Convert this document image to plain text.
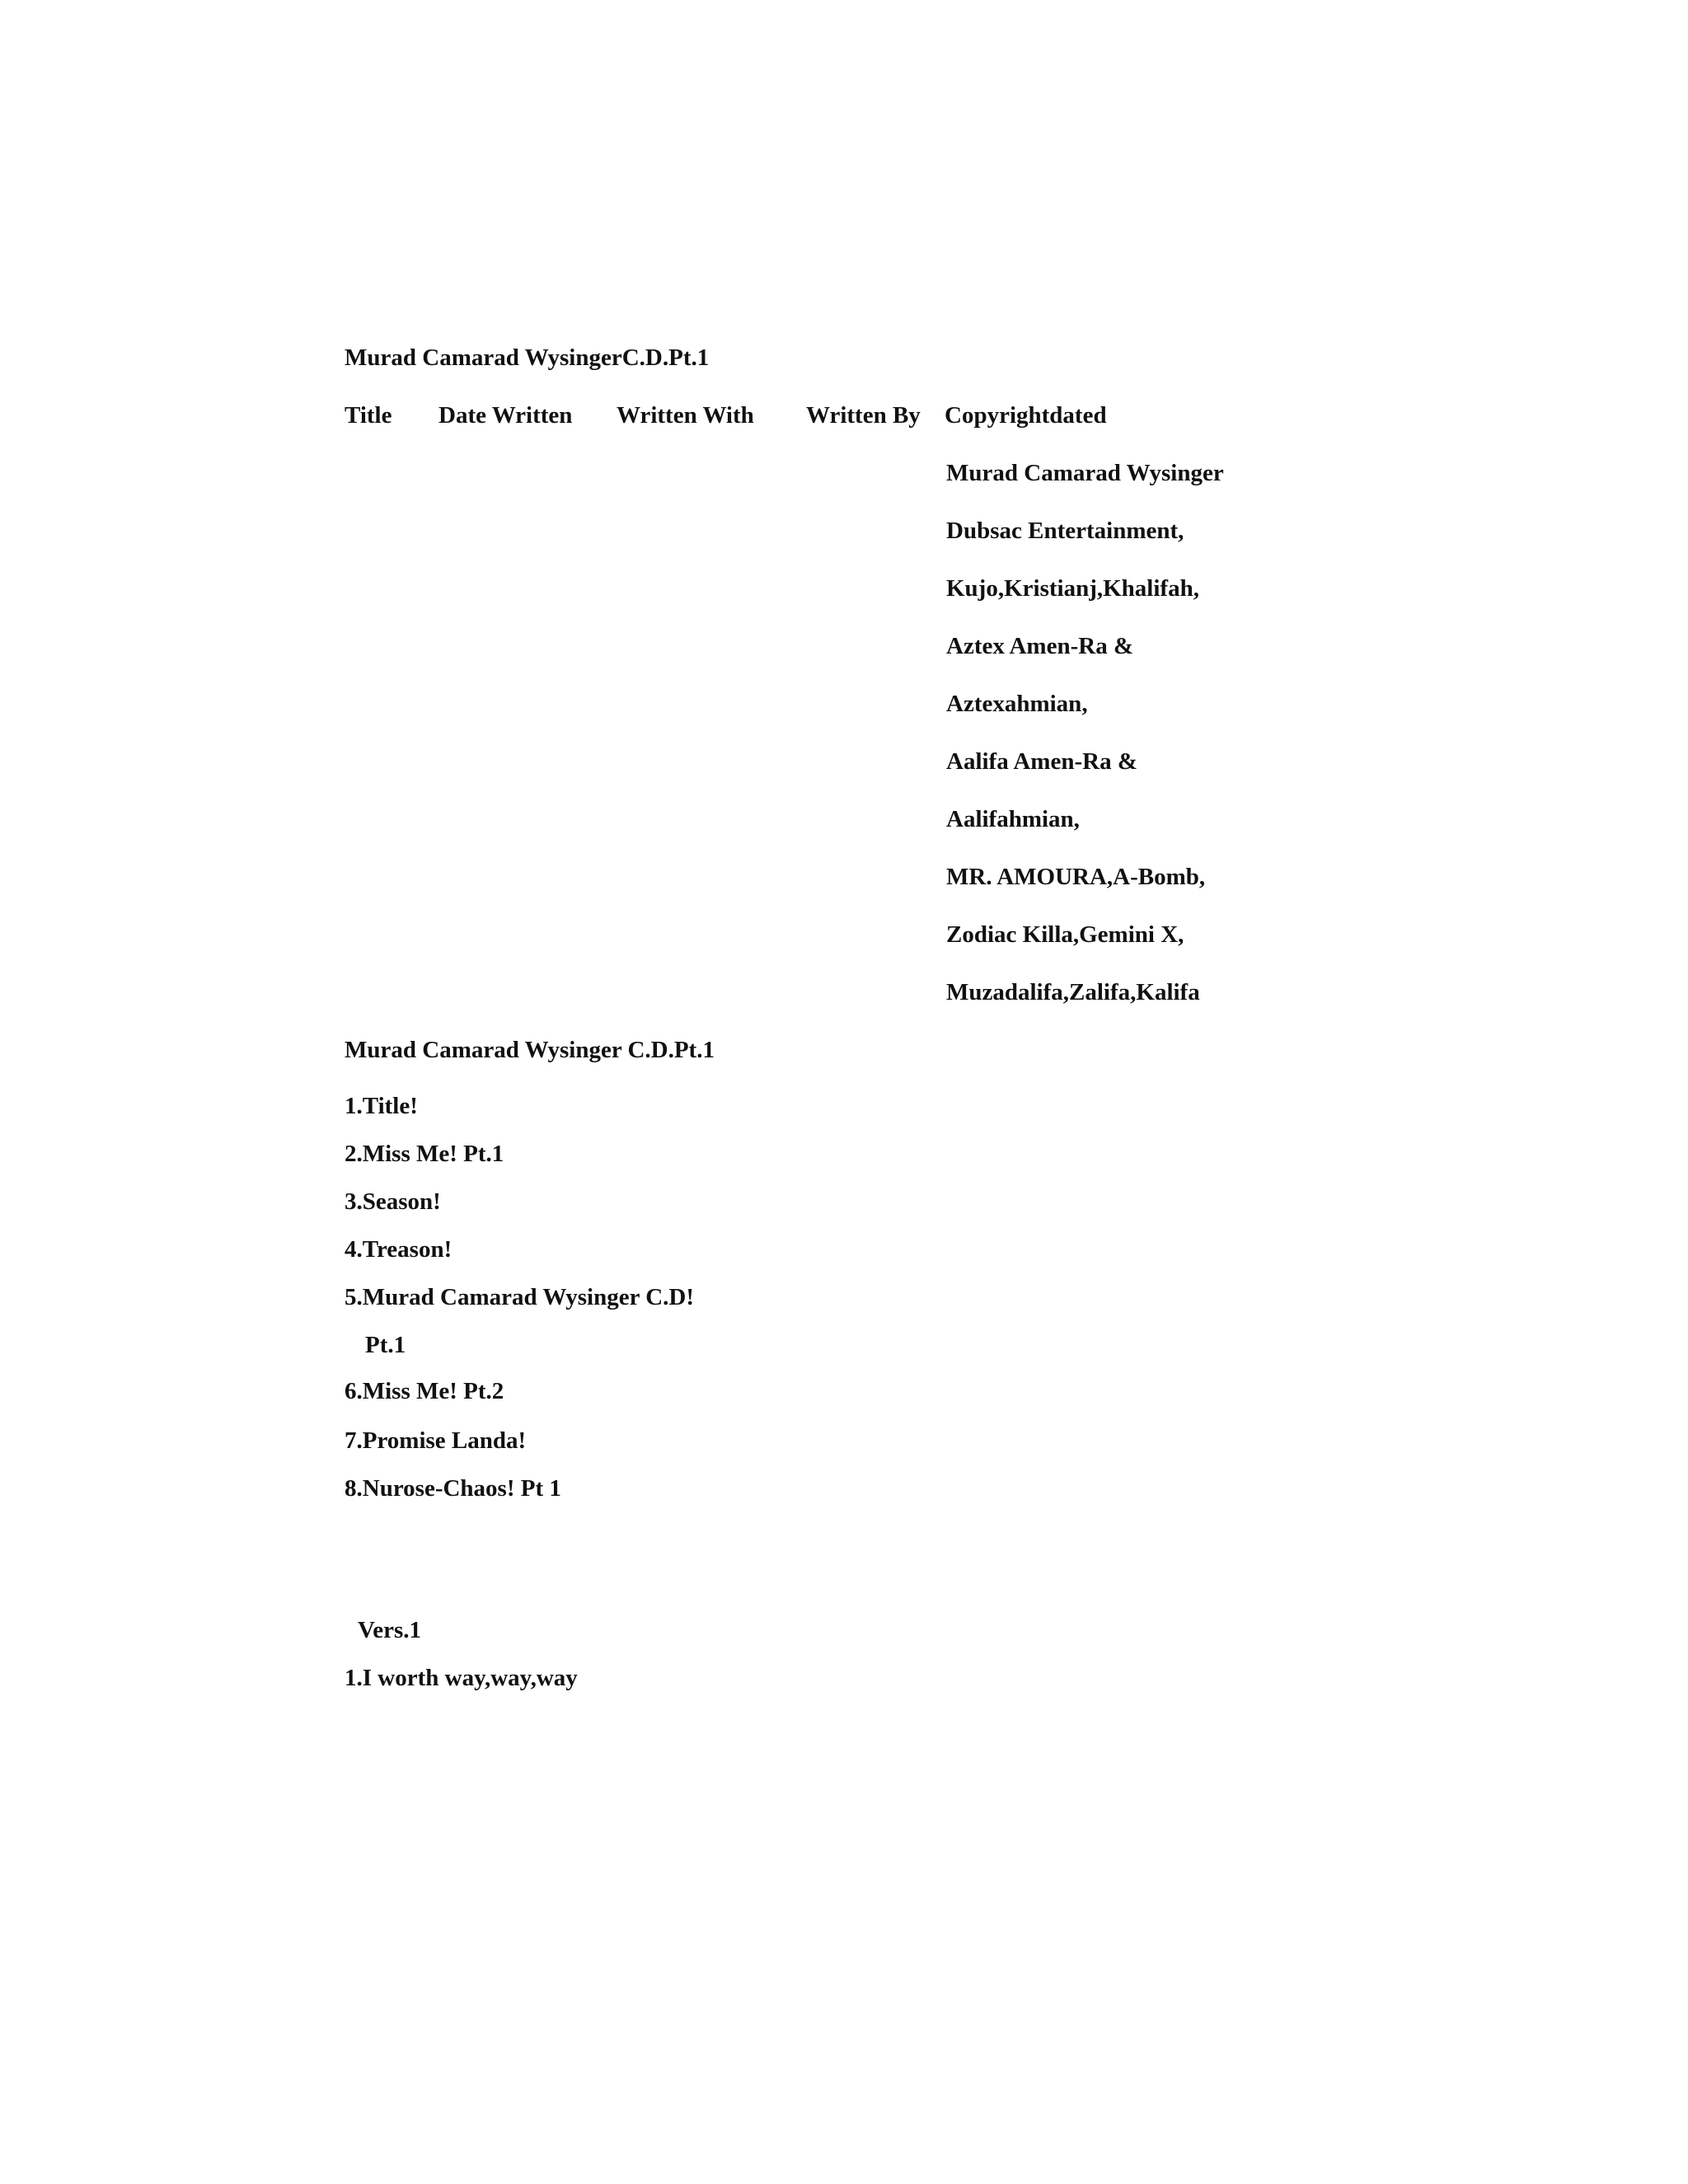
Murad Camarad WysingerC.D.Pt.1
Title Date Written Written With Written By Copyrightdated
Murad Camarad Wysinger
Dubsac Entertainment,
Kujo,Kristianj,Khalifah,
Aztex Amen-Ra &
Aztexahmian,
Aalifa Amen-Ra &
Aalifahmian,
MR. AMOURA,A-Bomb,
Zodiac Killa,Gemini X,
Muzadalifa,Zalifa,Kalifa
Murad Camarad Wysinger C.D.Pt.1
1.Title!
2.Miss Me! Pt.1
3.Season!
4.Treason!
5.Murad Camarad Wysinger C.D!
Pt.1
6.Miss Me! Pt.2
7.Promise Landa!
8.Nurose-Chaos! Pt 1
Vers.1
1.I worth way,way,way
